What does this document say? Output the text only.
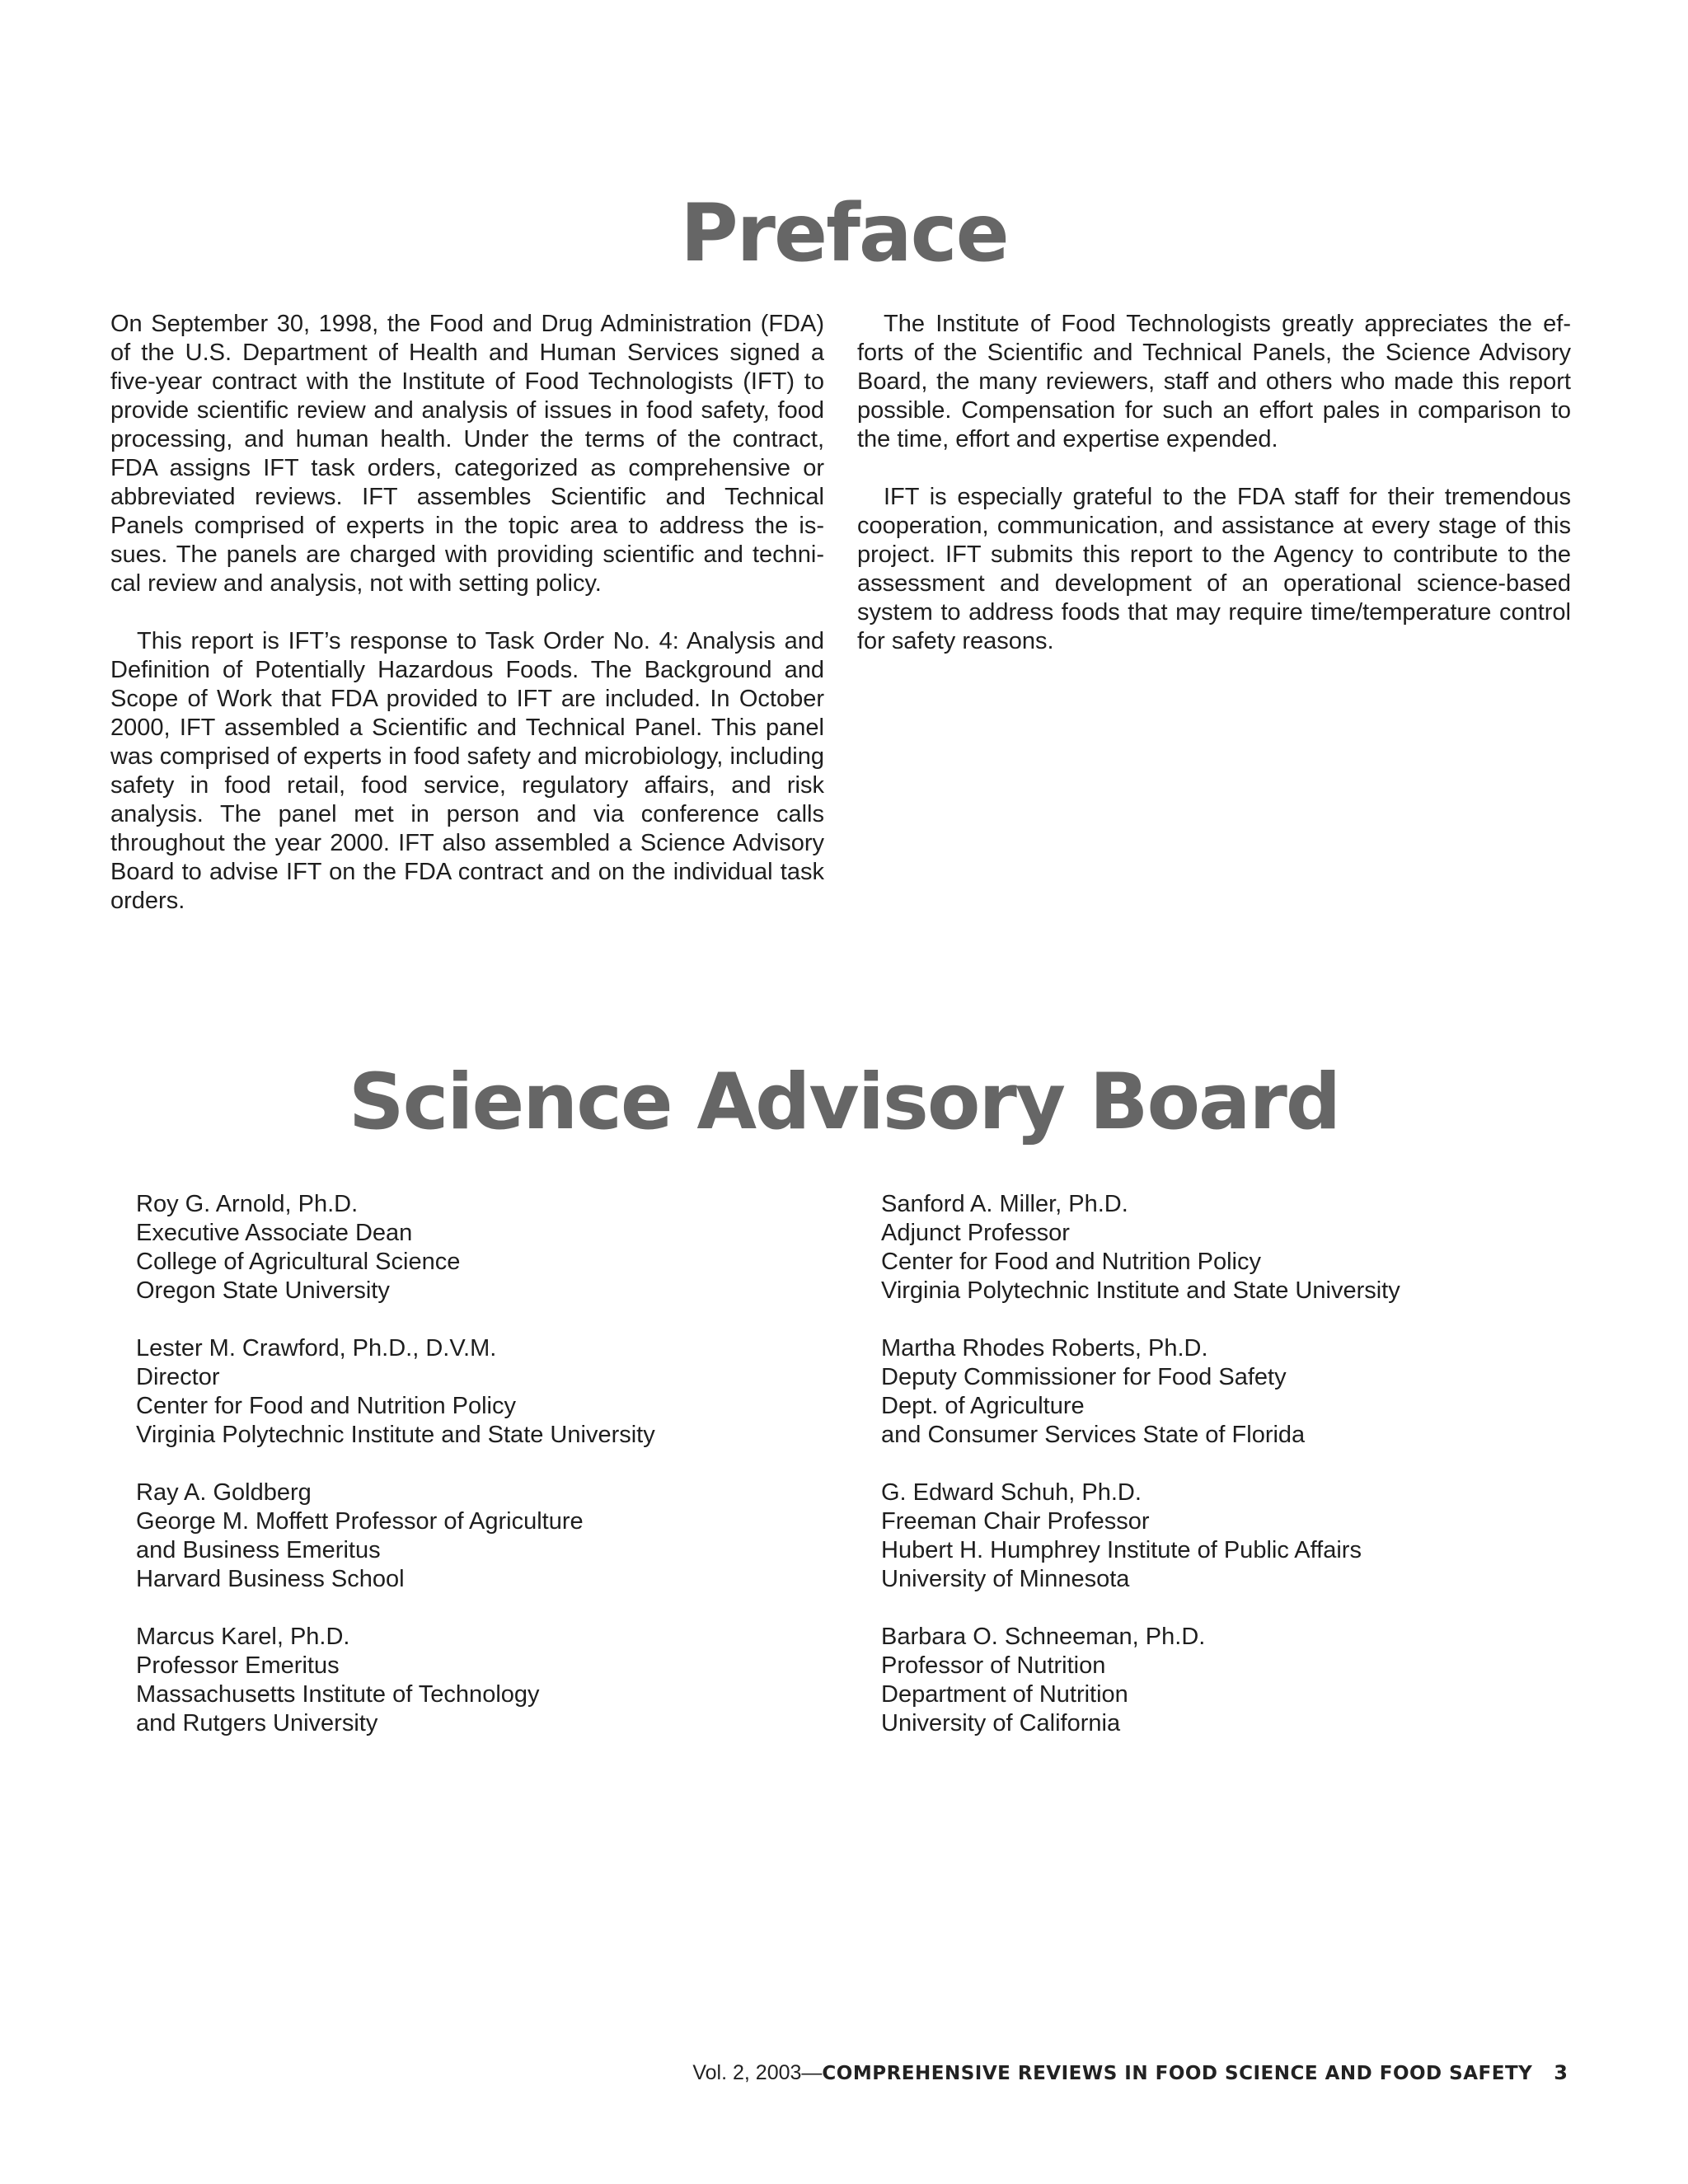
Preface

On September 30, 1998, the Food and Drug Administration (FDA) of the U.S. Department of Health and Human Services signed a five-year contract with the Institute of Food Technologists (IFT) to provide scientific review and analysis of issues in food safety, food processing, and human health. Under the terms of the contract, FDA assigns IFT task orders, categorized as comprehensive or abbreviated reviews. IFT assembles Scientific and Technical Panels comprised of experts in the topic area to address the issues. The panels are charged with providing scientific and technical review and analysis, not with setting policy.

This report is IFT’s response to Task Order No. 4: Analysis and Definition of Potentially Hazardous Foods. The Background and Scope of Work that FDA provided to IFT are included. In October 2000, IFT assembled a Scientific and Technical Panel. This panel was comprised of experts in food safety and microbiology, including safety in food retail, food service, regulatory affairs, and risk analysis. The panel met in person and via conference calls throughout the year 2000. IFT also assembled a Science Advisory Board to advise IFT on the FDA contract and on the individual task orders.

The Institute of Food Technologists greatly appreciates the efforts of the Scientific and Technical Panels, the Science Advisory Board, the many reviewers, staff and others who made this report possible. Compensation for such an effort pales in comparison to the time, effort and expertise expended.

IFT is especially grateful to the FDA staff for their tremendous cooperation, communication, and assistance at every stage of this project. IFT submits this report to the Agency to contribute to the assessment and development of an operational science-based system to address foods that may require time/temperature control for safety reasons.

Science Advisory Board
Roy G. Arnold, Ph.D.
Executive Associate Dean
College of Agricultural Science
Oregon State University
Lester M. Crawford, Ph.D., D.V.M.
Director
Center for Food and Nutrition Policy
Virginia Polytechnic Institute and State University
Ray A. Goldberg
George M. Moffett Professor of Agriculture
and Business Emeritus
Harvard Business School
Marcus Karel, Ph.D.
Professor Emeritus
Massachusetts Institute of Technology
and Rutgers University
Sanford A. Miller, Ph.D.
Adjunct Professor
Center for Food and Nutrition Policy
Virginia Polytechnic Institute and State University
Martha Rhodes Roberts, Ph.D.
Deputy Commissioner for Food Safety
Dept. of Agriculture
and Consumer Services State of Florida
G. Edward Schuh, Ph.D.
Freeman Chair Professor
Hubert H. Humphrey Institute of Public Affairs
University of Minnesota
Barbara O. Schneeman, Ph.D.
Professor of Nutrition
Department of Nutrition
University of California
Vol. 2, 2003—COMPREHENSIVE REVIEWS IN FOOD SCIENCE AND FOOD SAFETY 3
